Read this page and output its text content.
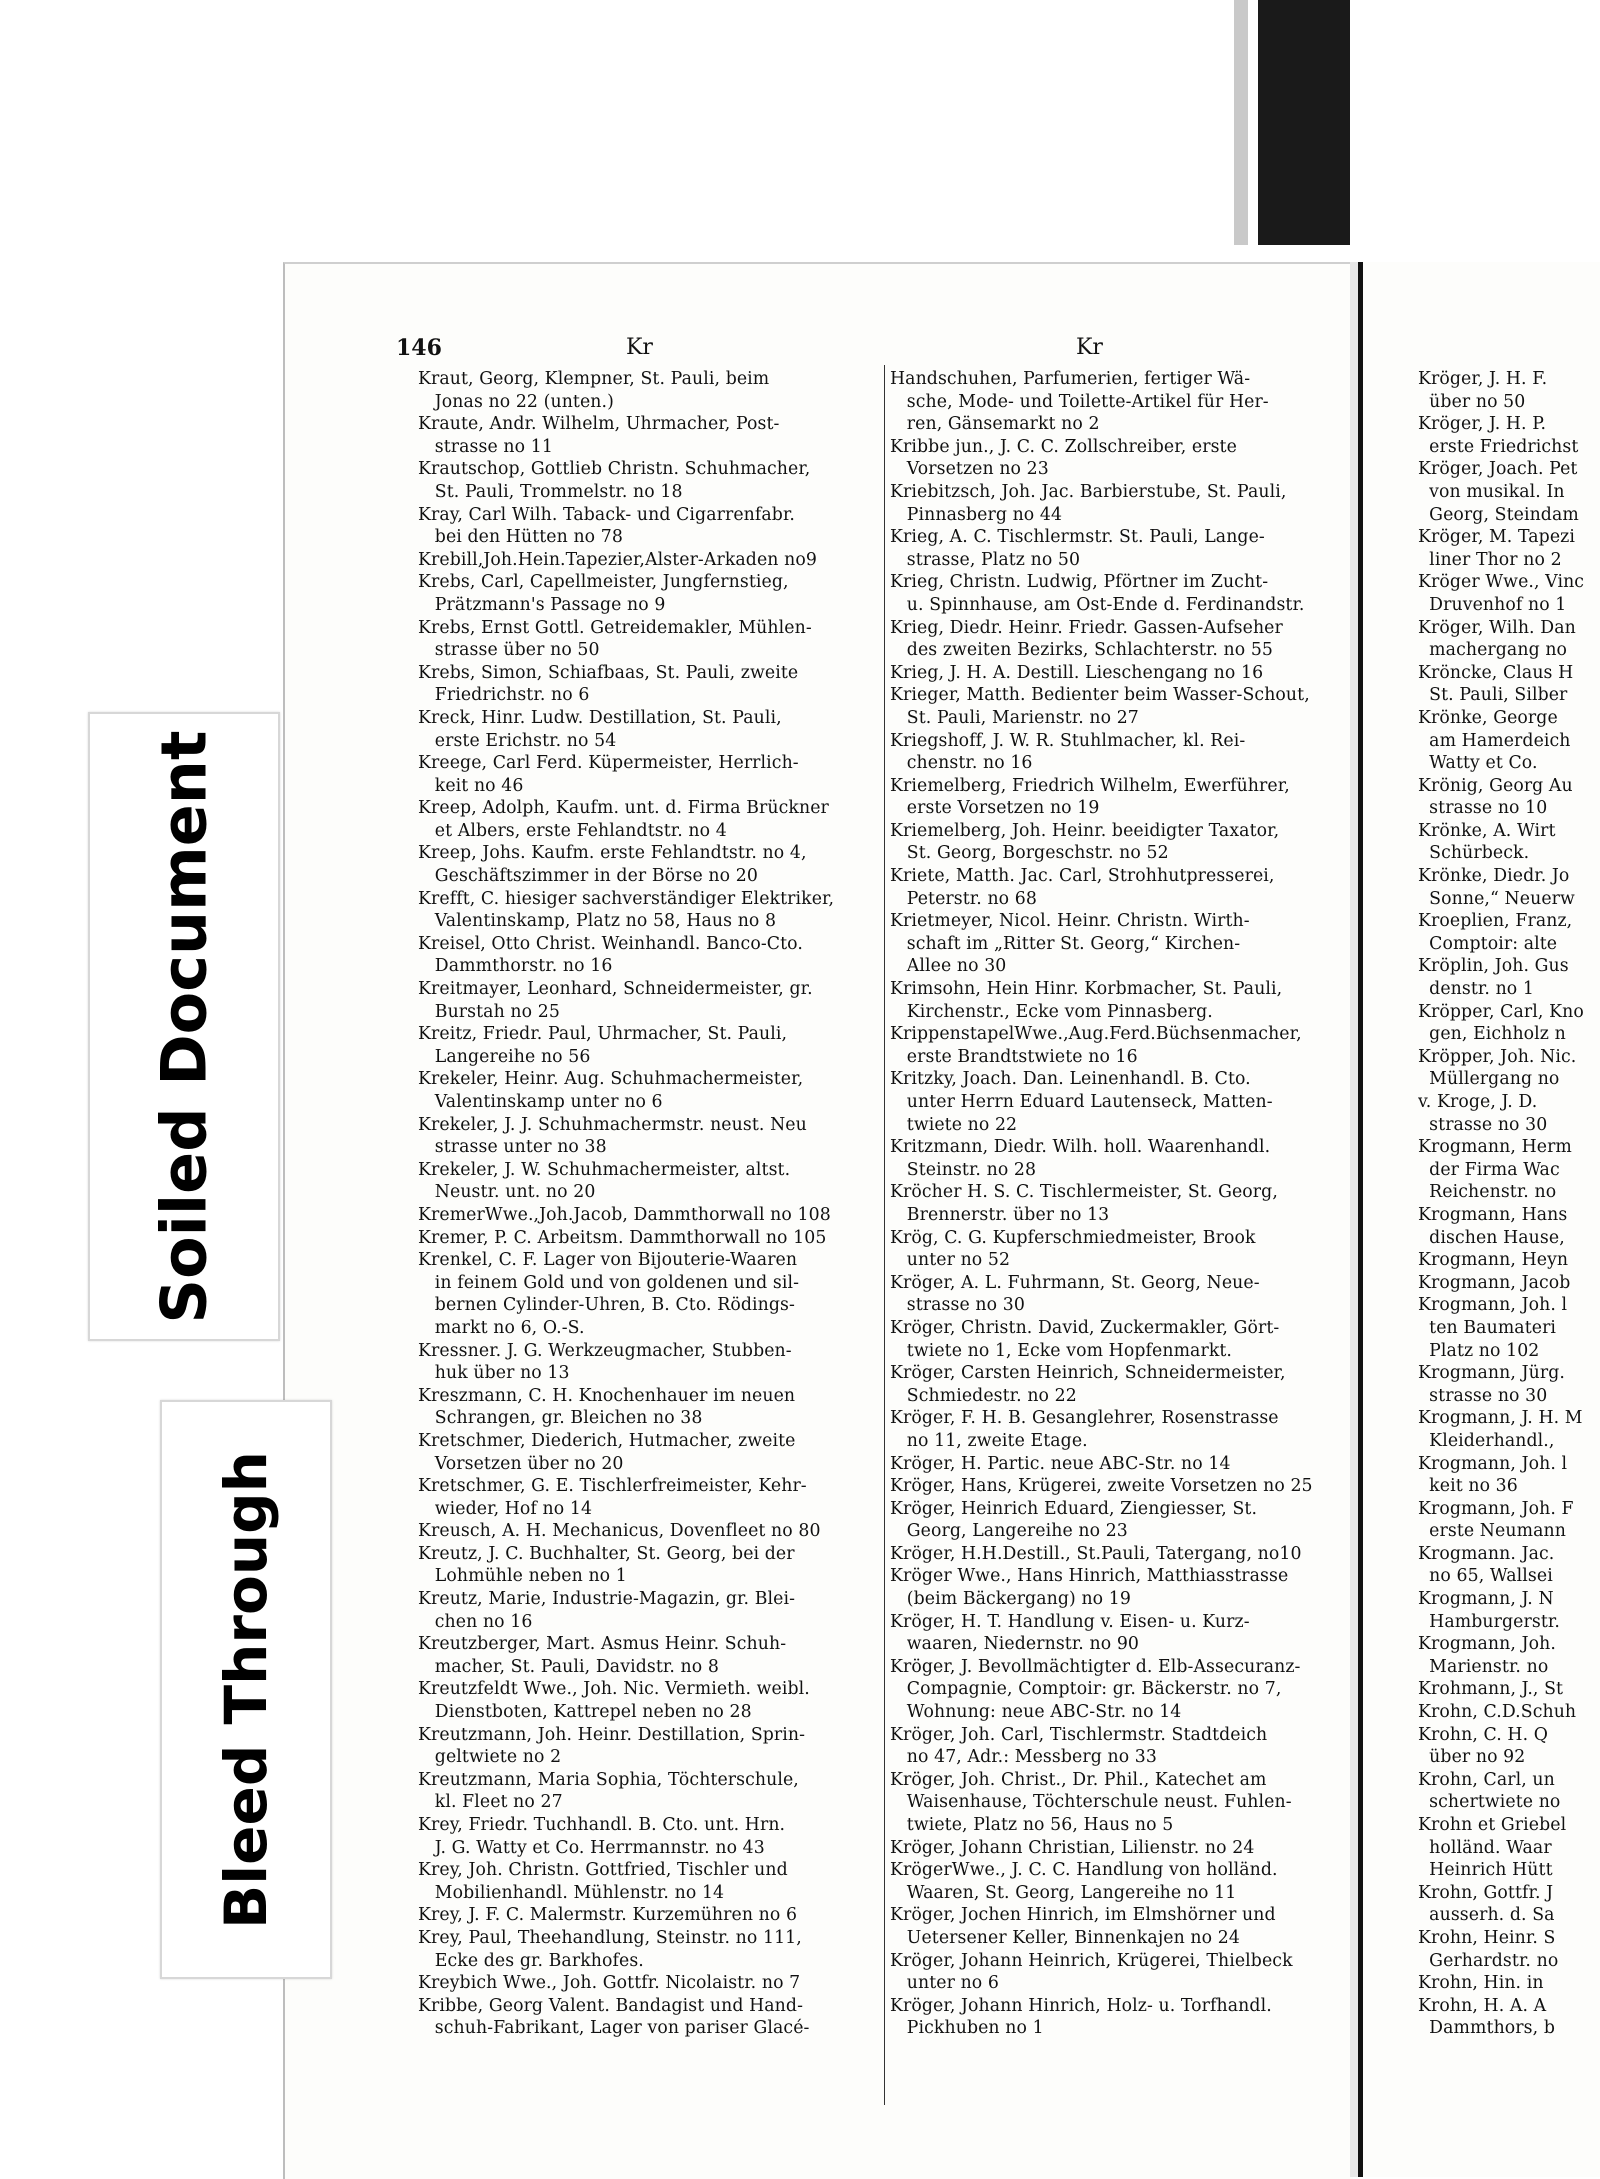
146	Kr	Kr
Kraut, Georg, Klempner, St. Pauli, beim
Jonas no 22 (unten.)
Kraute, Andr. Wilhelm, Uhrmacher, Post-
strasse no 11
Krautschop, Gottlieb Christn. Schuhmacher,
St. Pauli, Trommelstr. no 18
Kray, Carl Wilh. Taback- und Cigarrenfabr.
bei den Hütten no 78
Krebill,Joh.Hein.Tapezier,Alster-Arkaden no9
Krebs, Carl, Capellmeister, Jungfernstieg,
Prätzmann's Passage no 9
Krebs, Ernst Gottl. Getreidemakler, Mühlen-
strasse über no 50
Krebs, Simon, Schiafbaas, St. Pauli, zweite
Friedrichstr. no 6
Kreck, Hinr. Ludw. Destillation, St. Pauli,
erste Erichstr. no 54
Kreege, Carl Ferd. Küpermeister, Herrlich-
keit no 46
Kreep, Adolph, Kaufm. unt. d. Firma Brückner
et Albers, erste Fehlandtstr. no 4
Kreep, Johs. Kaufm. erste Fehlandtstr. no 4,
Geschäftszimmer in der Börse no 20
Krefft, C. hiesiger sachverständiger Elektriker,
Valentinskamp, Platz no 58, Haus no 8
Kreisel, Otto Christ. Weinhandl. Banco-Cto.
Dammthorstr. no 16
Kreitmayer, Leonhard, Schneidermeister, gr.
Burstah no 25
Kreitz, Friedr. Paul, Uhrmacher, St. Pauli,
Langereihe no 56
Krekeler, Heinr. Aug. Schuhmachermeister,
Valentinskamp unter no 6
Krekeler, J. J. Schuhmachermstr. neust. Neu
strasse unter no 38
Krekeler, J. W. Schuhmachermeister, altst.
Neustr. unt. no 20
KremerWwe.,Joh.Jacob, Dammthorwall no 108
Kremer, P. C. Arbeitsm. Dammthorwall no 105
Krenkel, C. F. Lager von Bijouterie-Waaren
in feinem Gold und von goldenen und sil-
bernen Cylinder-Uhren, B. Cto. Rödings-
markt no 6, O.-S.
Kressner. J. G. Werkzeugmacher, Stubben-
huk über no 13
Kreszmann, C. H. Knochenhauer im neuen
Schrangen, gr. Bleichen no 38
Kretschmer, Diederich, Hutmacher, zweite
Vorsetzen über no 20
Kretschmer, G. E. Tischlerfreimeister, Kehr-
wieder, Hof no 14
Kreusch, A. H. Mechanicus, Dovenfleet no 80
Kreutz, J. C. Buchhalter, St. Georg, bei der
Lohmühle neben no 1
Kreutz, Marie, Industrie-Magazin, gr. Blei-
chen no 16
Kreutzberger, Mart. Asmus Heinr. Schuh-
macher, St. Pauli, Davidstr. no 8
Kreutzfeldt Wwe., Joh. Nic. Vermieth. weibl.
Dienstboten, Kattrepel neben no 28
Kreutzmann, Joh. Heinr. Destillation, Sprin-
geltwiete no 2
Kreutzmann, Maria Sophia, Töchterschule,
kl. Fleet no 27
Krey, Friedr. Tuchhandl. B. Cto. unt. Hrn.
J. G. Watty et Co. Herrmannstr. no 43
Krey, Joh. Christn. Gottfried, Tischler und
Mobilienhandl. Mühlenstr. no 14
Krey, J. F. C. Malermstr. Kurzemühren no 6
Krey, Paul, Theehandlung, Steinstr. no 111,
Ecke des gr. Barkhofes.
Kreybich Wwe., Joh. Gottfr. Nicolaistr. no 7
Kribbe, Georg Valent. Bandagist und Hand-
schuh-Fabrikant, Lager von pariser Glacé-
Handschuhen, Parfumerien, fertiger Wä-
sche, Mode- und Toilette-Artikel für Her-
ren, Gänsemarkt no 2
Kribbe jun., J. C. C. Zollschreiber, erste
Vorsetzen no 23
Kriebitzsch, Joh. Jac. Barbierstube, St. Pauli,
Pinnasberg no 44
Krieg, A. C. Tischlermstr. St. Pauli, Lange-
strasse, Platz no 50
Krieg, Christn. Ludwig, Pförtner im Zucht-
u. Spinnhause, am Ost-Ende d. Ferdinandstr.
Krieg, Diedr. Heinr. Friedr. Gassen-Aufseher
des zweiten Bezirks, Schlachterstr. no 55
Krieg, J. H. A. Destill. Lieschengang no 16
Krieger, Matth. Bedienter beim Wasser-Schout,
St. Pauli, Marienstr. no 27
Kriegshoff, J. W. R. Stuhlmacher, kl. Rei-
chenstr. no 16
Kriemelberg, Friedrich Wilhelm, Ewerführer,
erste Vorsetzen no 19
Kriemelberg, Joh. Heinr. beeidigter Taxator,
St. Georg, Borgeschstr. no 52
Kriete, Matth. Jac. Carl, Strohhutpresserei,
Peterstr. no 68
Krietmeyer, Nicol. Heinr. Christn. Wirth-
schaft im „Ritter St. Georg,“ Kirchen-
Allee no 30
Krimsohn, Hein Hinr. Korbmacher, St. Pauli,
Kirchenstr., Ecke vom Pinnasberg.
KrippenstapelWwe.,Aug.Ferd.Büchsenmacher,
erste Brandtstwiete no 16
Kritzky, Joach. Dan. Leinenhandl. B. Cto.
unter Herrn Eduard Lautenseck, Matten-
twiete no 22
Kritzmann, Diedr. Wilh. holl. Waarenhandl.
Steinstr. no 28
Kröcher H. S. C. Tischlermeister, St. Georg,
Brennerstr. über no 13
Krög, C. G. Kupferschmiedmeister, Brook
unter no 52
Kröger, A. L. Fuhrmann, St. Georg, Neue-
strasse no 30
Kröger, Christn. David, Zuckermakler, Gört-
twiete no 1, Ecke vom Hopfenmarkt.
Kröger, Carsten Heinrich, Schneidermeister,
Schmiedestr. no 22
Kröger, F. H. B. Gesanglehrer, Rosenstrasse
no 11, zweite Etage.
Kröger, H. Partic. neue ABC-Str. no 14
Kröger, Hans, Krügerei, zweite Vorsetzen no 25
Kröger, Heinrich Eduard, Ziengiesser, St.
Georg, Langereihe no 23
Kröger, H.H.Destill., St.Pauli, Tatergang, no10
Kröger Wwe., Hans Hinrich, Matthiasstrasse
(beim Bäckergang) no 19
Kröger, H. T. Handlung v. Eisen- u. Kurz-
waaren, Niedernstr. no 90
Kröger, J. Bevollmächtigter d. Elb-Assecuranz-
Compagnie, Comptoir: gr. Bäckerstr. no 7,
Wohnung: neue ABC-Str. no 14
Kröger, Joh. Carl, Tischlermstr. Stadtdeich
no 47, Adr.: Messberg no 33
Kröger, Joh. Christ., Dr. Phil., Katechet am
Waisenhause, Töchterschule neust. Fuhlen-
twiete, Platz no 56, Haus no 5
Kröger, Johann Christian, Lilienstr. no 24
KrögerWwe., J. C. C. Handlung von holländ.
Waaren, St. Georg, Langereihe no 11
Kröger, Jochen Hinrich, im Elmshörner und
Uetersener Keller, Binnenkajen no 24
Kröger, Johann Heinrich, Krügerei, Thielbeck
unter no 6
Kröger, Johann Hinrich, Holz- u. Torfhandl.
Pickhuben no 1
Kröger, J. H. F.
über no 50
Kröger, J. H. P.
erste Friedrichst
Kröger, Joach. Pet
von musikal. In
Georg, Steindam
Kröger, M. Tapezi
liner Thor no 2
Kröger Wwe., Vinc
Druvenhof no 1
Kröger, Wilh. Dan
machergang no
Kröncke, Claus H
St. Pauli, Silber
Krönke, George
am Hamerdeich
Watty et Co.
Krönig, Georg Au
strasse no 10
Krönke, A. Wirt
Schürbeck.
Krönke, Diedr. Jo
Sonne,“ Neuerw
Kroeplien, Franz,
Comptoir: alte
Kröplin, Joh. Gus
denstr. no 1
Kröpper, Carl, Kno
gen, Eichholz n
Kröpper, Joh. Nic.
Müllergang no
v. Kroge, J. D.
strasse no 30
Krogmann, Herm
der Firma Wac
Reichenstr. no
Krogmann, Hans
dischen Hause,
Krogmann, Heyn
Krogmann, Jacob
Krogmann, Joh. l
ten Baumateri
Platz no 102
Krogmann, Jürg.
strasse no 30
Krogmann, J. H. M
Kleiderhandl.,
Krogmann, Joh. l
keit no 36
Krogmann, Joh. F
erste Neumann
Krogmann. Jac.
no 65, Wallsei
Krogmann, J. N
Hamburgerstr.
Krogmann, Joh.
Marienstr. no
Krohmann, J., St
Krohn, C.D.Schuh
Krohn, C. H. Q
über no 92
Krohn, Carl, un
schertwiete no
Krohn et Griebel
holländ. Waar
Heinrich Hütt
Krohn, Gottfr. J
ausserh. d. Sa
Krohn, Heinr. S
Gerhardstr. no
Krohn, Hin. in
Krohn, H. A. A
Dammthors, b
Soiled Document
Bleed Through
